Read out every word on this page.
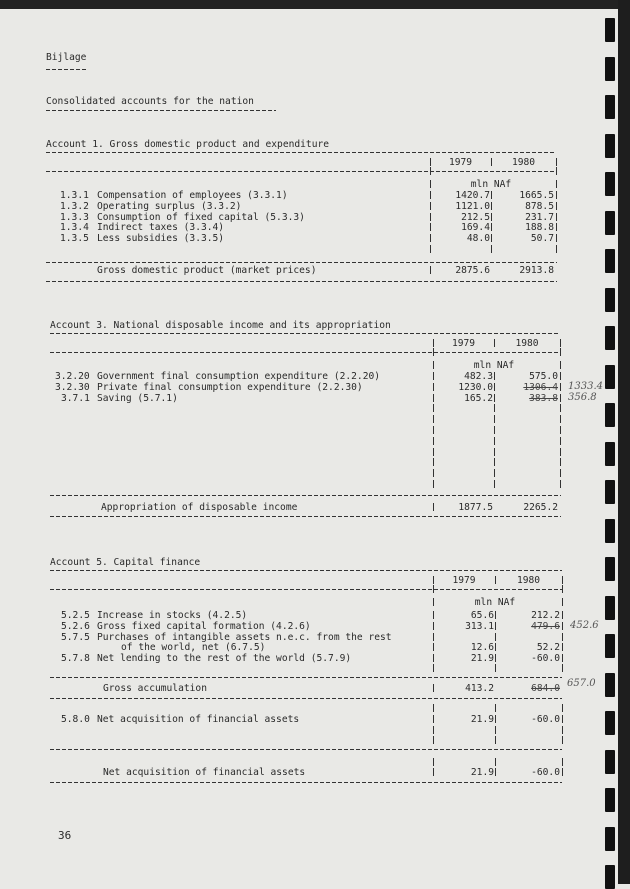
Bijlage
Consolidated accounts for the nation
Account 1. Gross domestic product and expenditure
1979	1980
mln NAf
1.3.1 Compensation of employees (3.3.1)	1420.7	1665.5
1.3.2 Operating surplus (3.3.2)	1121.0	878.5
1.3.3 Consumption of fixed capital (5.3.3)	212.5	231.7
1.3.4 Indirect taxes (3.3.4)	169.4	188.8
1.3.5 Less subsidies (3.3.5)	48.0	50.7
Gross domestic product (market prices)	2875.6	2913.8
Account 3. National disposable income and its appropriation
1979	1980
mln NAf
3.2.20 Government final consumption expenditure (2.2.20)	482.3	575.0
3.2.30 Private final consumption expenditure (2.2.30)	1230.0	1306.4 1333.4
3.7.1 Saving (5.7.1)	165.2	383.8 356.8
Appropriation of disposable income	1877.5	2265.2
Account 5. Capital finance
1979	1980
mln NAf
5.2.5 Increase in stocks (4.2.5)	65.6	212.2
5.2.6 Gross fixed capital formation (4.2.6)	313.1	479.6 452.6
5.7.5 Purchases of intangible assets n.e.c. from the rest
of the world, net (6.7.5)	12.6	52.2
5.7.8 Net lending to the rest of the world (5.7.9)	21.9	-60.0
Gross accumulation	413.2	684.0 657.0
5.8.0 Net acquisition of financial assets	21.9	-60.0
Net acquisition of financial assets	21.9	-60.0
36
